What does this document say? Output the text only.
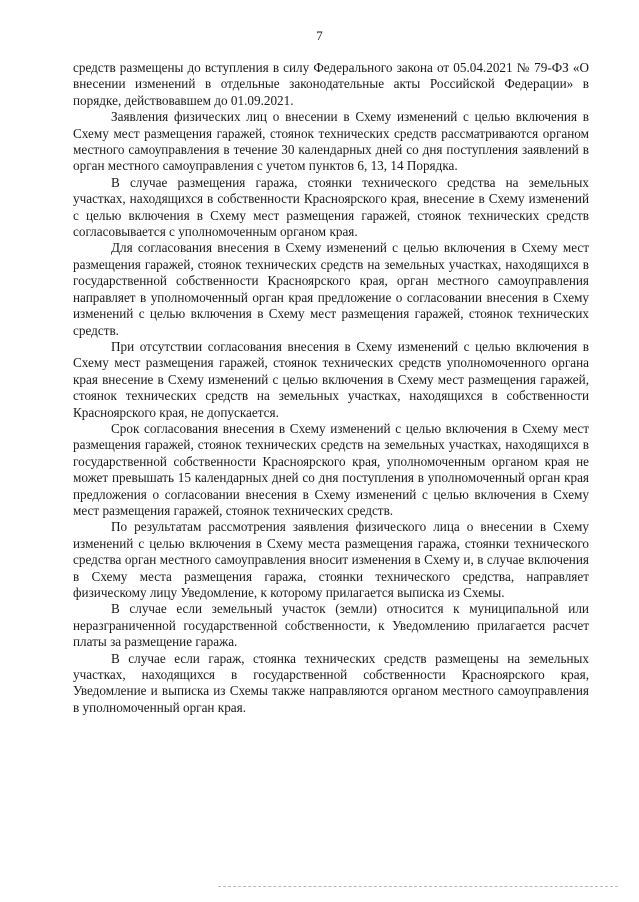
7

средств размещены до вступления в силу Федерального закона от 05.04.2021 № 79-ФЗ «О внесении изменений в отдельные законодательные акты Российской Федерации» в порядке, действовавшем до 01.09.2021.

Заявления физических лиц о внесении в Схему изменений с целью включения в Схему мест размещения гаражей, стоянок технических средств рассматриваются органом местного самоуправления в течение 30 календарных дней со дня поступления заявлений в орган местного самоуправления с учетом пунктов 6, 13, 14 Порядка.

В случае размещения гаража, стоянки технического средства на земельных участках, находящихся в собственности Красноярского края, внесение в Схему изменений с целью включения в Схему мест размещения гаражей, стоянок технических средств согласовывается с уполномоченным органом края.

Для согласования внесения в Схему изменений с целью включения в Схему мест размещения гаражей, стоянок технических средств на земельных участках, находящихся в государственной собственности Красноярского края, орган местного самоуправления направляет в уполномоченный орган края предложение о согласовании внесения в Схему изменений с целью включения в Схему мест размещения гаражей, стоянок технических средств.

При отсутствии согласования внесения в Схему изменений с целью включения в Схему мест размещения гаражей, стоянок технических средств уполномоченного органа края внесение в Схему изменений с целью включения в Схему мест размещения гаражей, стоянок технических средств на земельных участках, находящихся в собственности Красноярского края, не допускается.

Срок согласования внесения в Схему изменений с целью включения в Схему мест размещения гаражей, стоянок технических средств на земельных участках, находящихся в государственной собственности Красноярского края, уполномоченным органом края не может превышать 15 календарных дней со дня поступления в уполномоченный орган края предложения о согласовании внесения в Схему изменений с целью включения в Схему мест размещения гаражей, стоянок технических средств.

По результатам рассмотрения заявления физического лица о внесении в Схему изменений с целью включения в Схему места размещения гаража, стоянки технического средства орган местного самоуправления вносит изменения в Схему и, в случае включения в Схему места размещения гаража, стоянки технического средства, направляет физическому лицу Уведомление, к которому прилагается выписка из Схемы.

В случае если земельный участок (земли) относится к муниципальной или неразграниченной государственной собственности, к Уведомлению прилагается расчет платы за размещение гаража.

В случае если гараж, стоянка технических средств размещены на земельных участках, находящихся в государственной собственности Красноярского края, Уведомление и выписка из Схемы также направляются органом местного самоуправления в уполномоченный орган края.
